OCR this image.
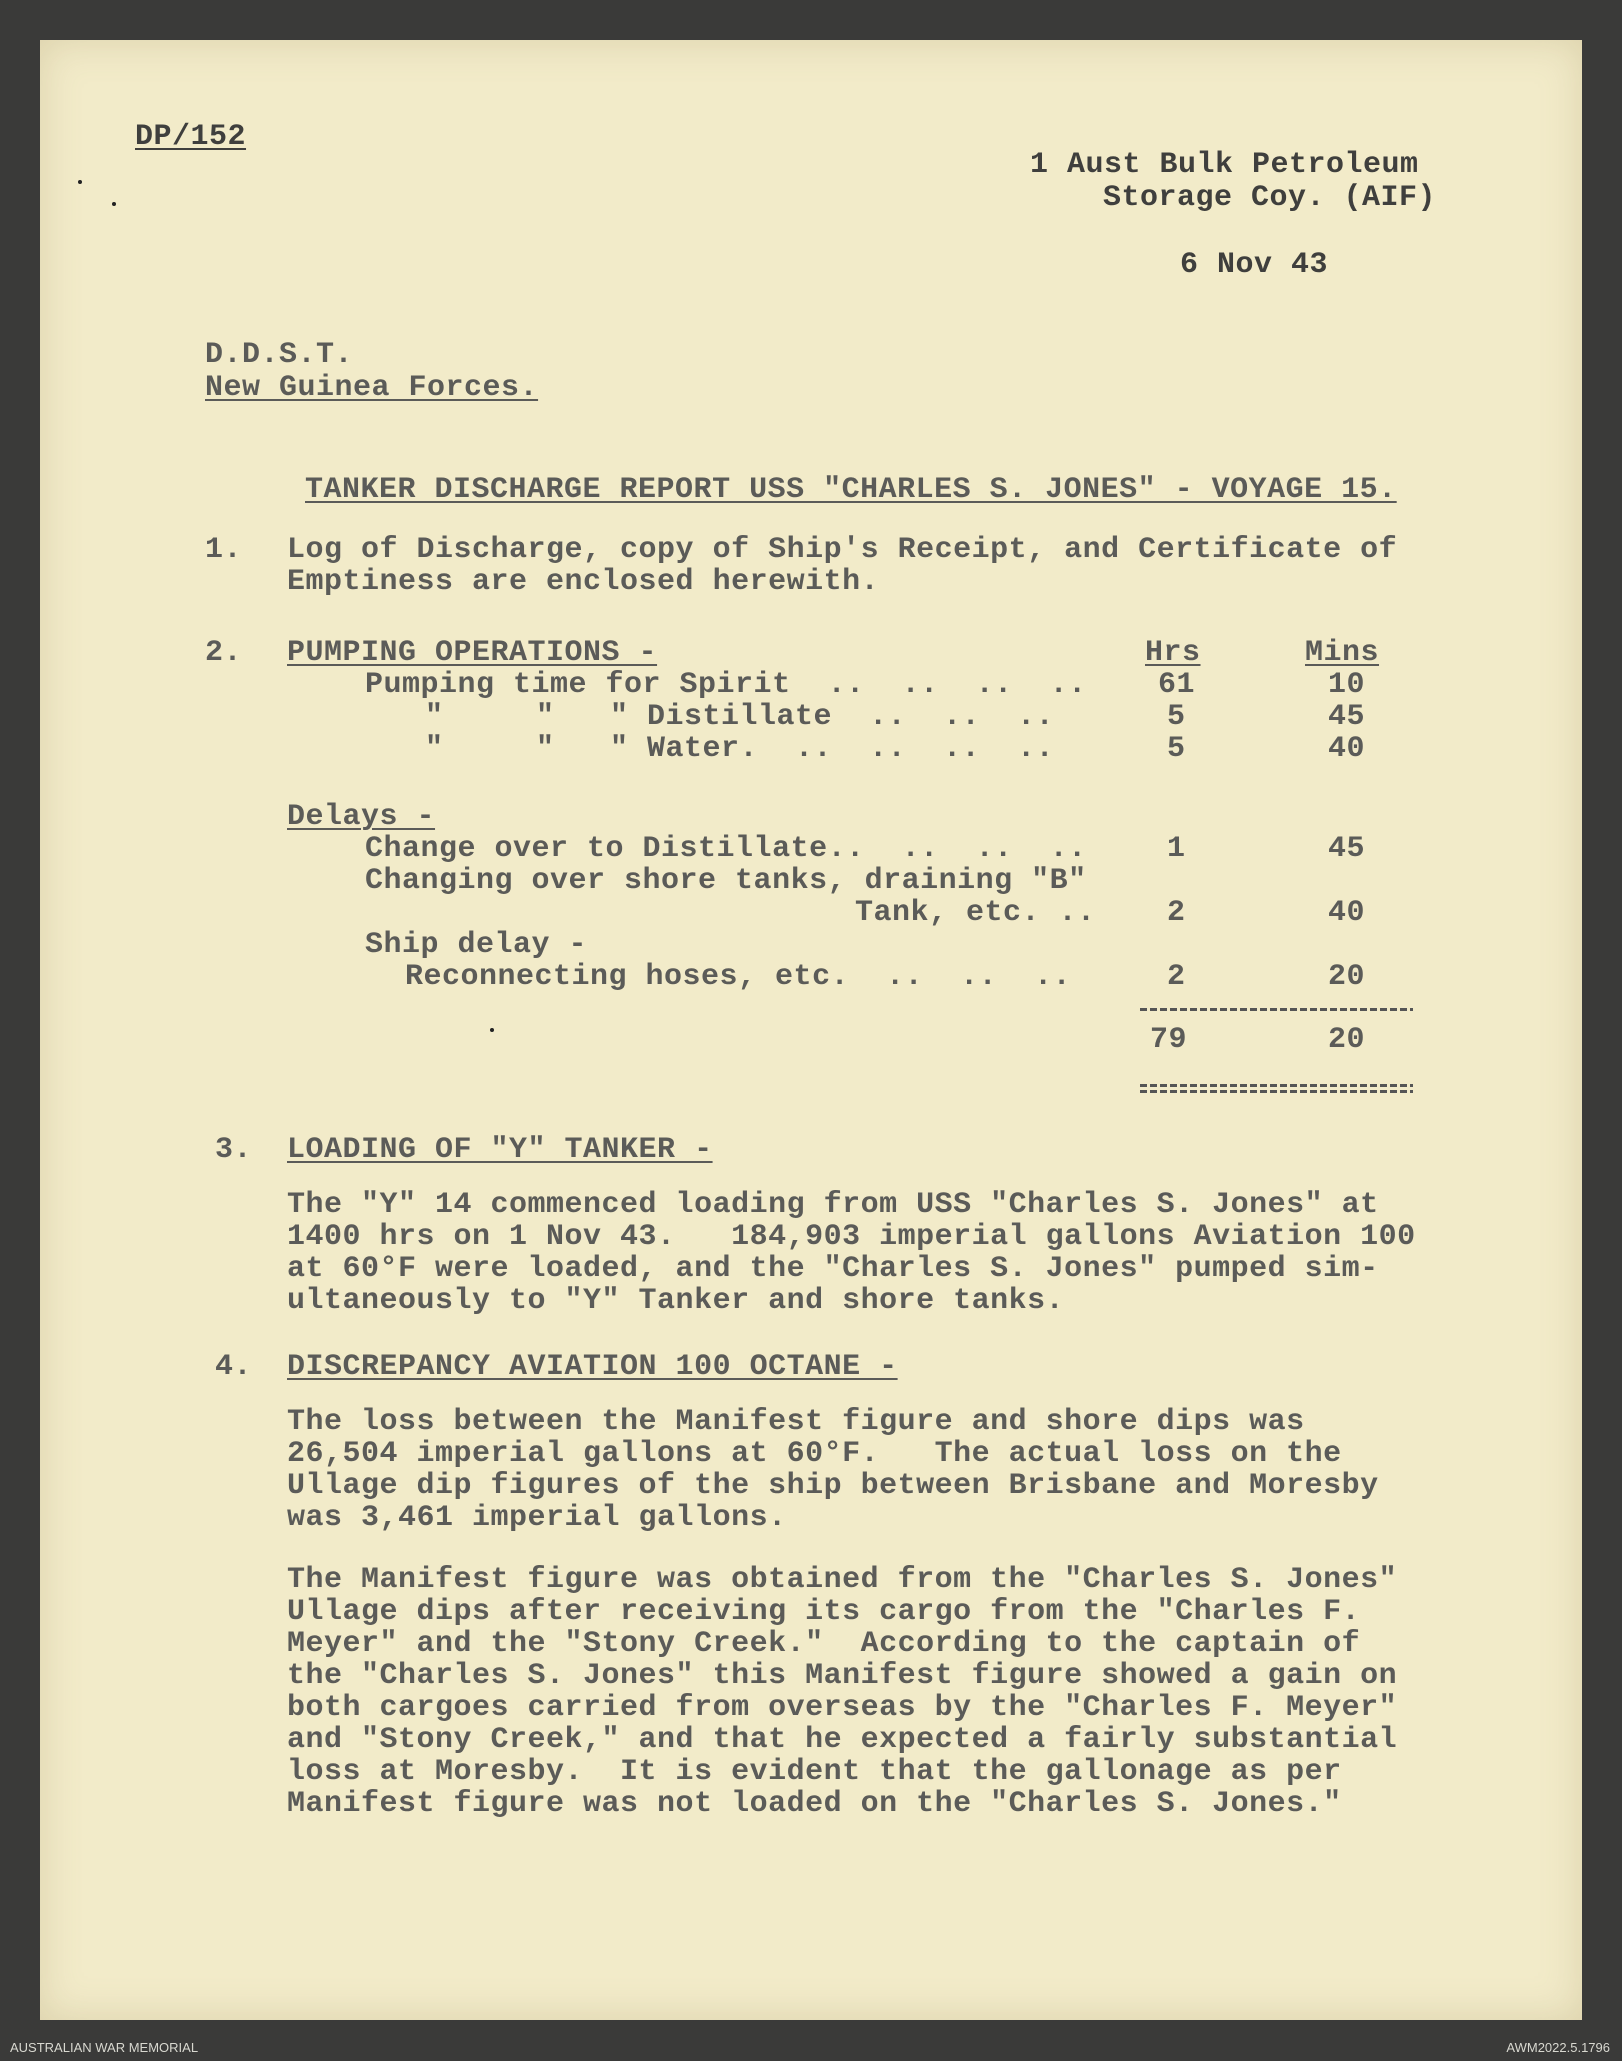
DP/152
1 Aust Bulk Petroleum
Storage Coy. (AIF)
6 Nov 43
D.D.S.T.
New Guinea Forces.
TANKER DISCHARGE REPORT USS "CHARLES S. JONES" - VOYAGE 15.
1. Log of Discharge, copy of Ship's Receipt, and Certificate of
Emptiness are enclosed herewith.
2. PUMPING OPERATIONS -	Hrs	Mins
Pumping time for Spirit  ..  ..  ..  .. 61	10
"     "   " Distillate  ..  ..  ..	5	45
"     "   " Water.  ..  ..  ..  ..	5	40
Delays -
Change over to Distillate..  ..  ..  ..	1	45
Changing over shore tanks, draining "B"
Tank, etc. .. 2	40
Ship delay -
Reconnecting hoses, etc.  ..  ..  ..	2	20
79	20
3. LOADING OF "Y" TANKER -
The "Y" 14 commenced loading from USS "Charles S. Jones" at
1400 hrs on 1 Nov 43.   184,903 imperial gallons Aviation 100
at 60°F were loaded, and the "Charles S. Jones" pumped sim-
ultaneously to "Y" Tanker and shore tanks.
4. DISCREPANCY AVIATION 100 OCTANE -
The loss between the Manifest figure and shore dips was
26,504 imperial gallons at 60°F.   The actual loss on the
Ullage dip figures of the ship between Brisbane and Moresby
was 3,461 imperial gallons.
The Manifest figure was obtained from the "Charles S. Jones"
Ullage dips after receiving its cargo from the "Charles F.
Meyer" and the "Stony Creek."  According to the captain of
the "Charles S. Jones" this Manifest figure showed a gain on
both cargoes carried from overseas by the "Charles F. Meyer"
and "Stony Creek," and that he expected a fairly substantial
loss at Moresby.  It is evident that the gallonage as per
Manifest figure was not loaded on the "Charles S. Jones."
AUSTRALIAN WAR MEMORIAL	AWM2022.5.1796
